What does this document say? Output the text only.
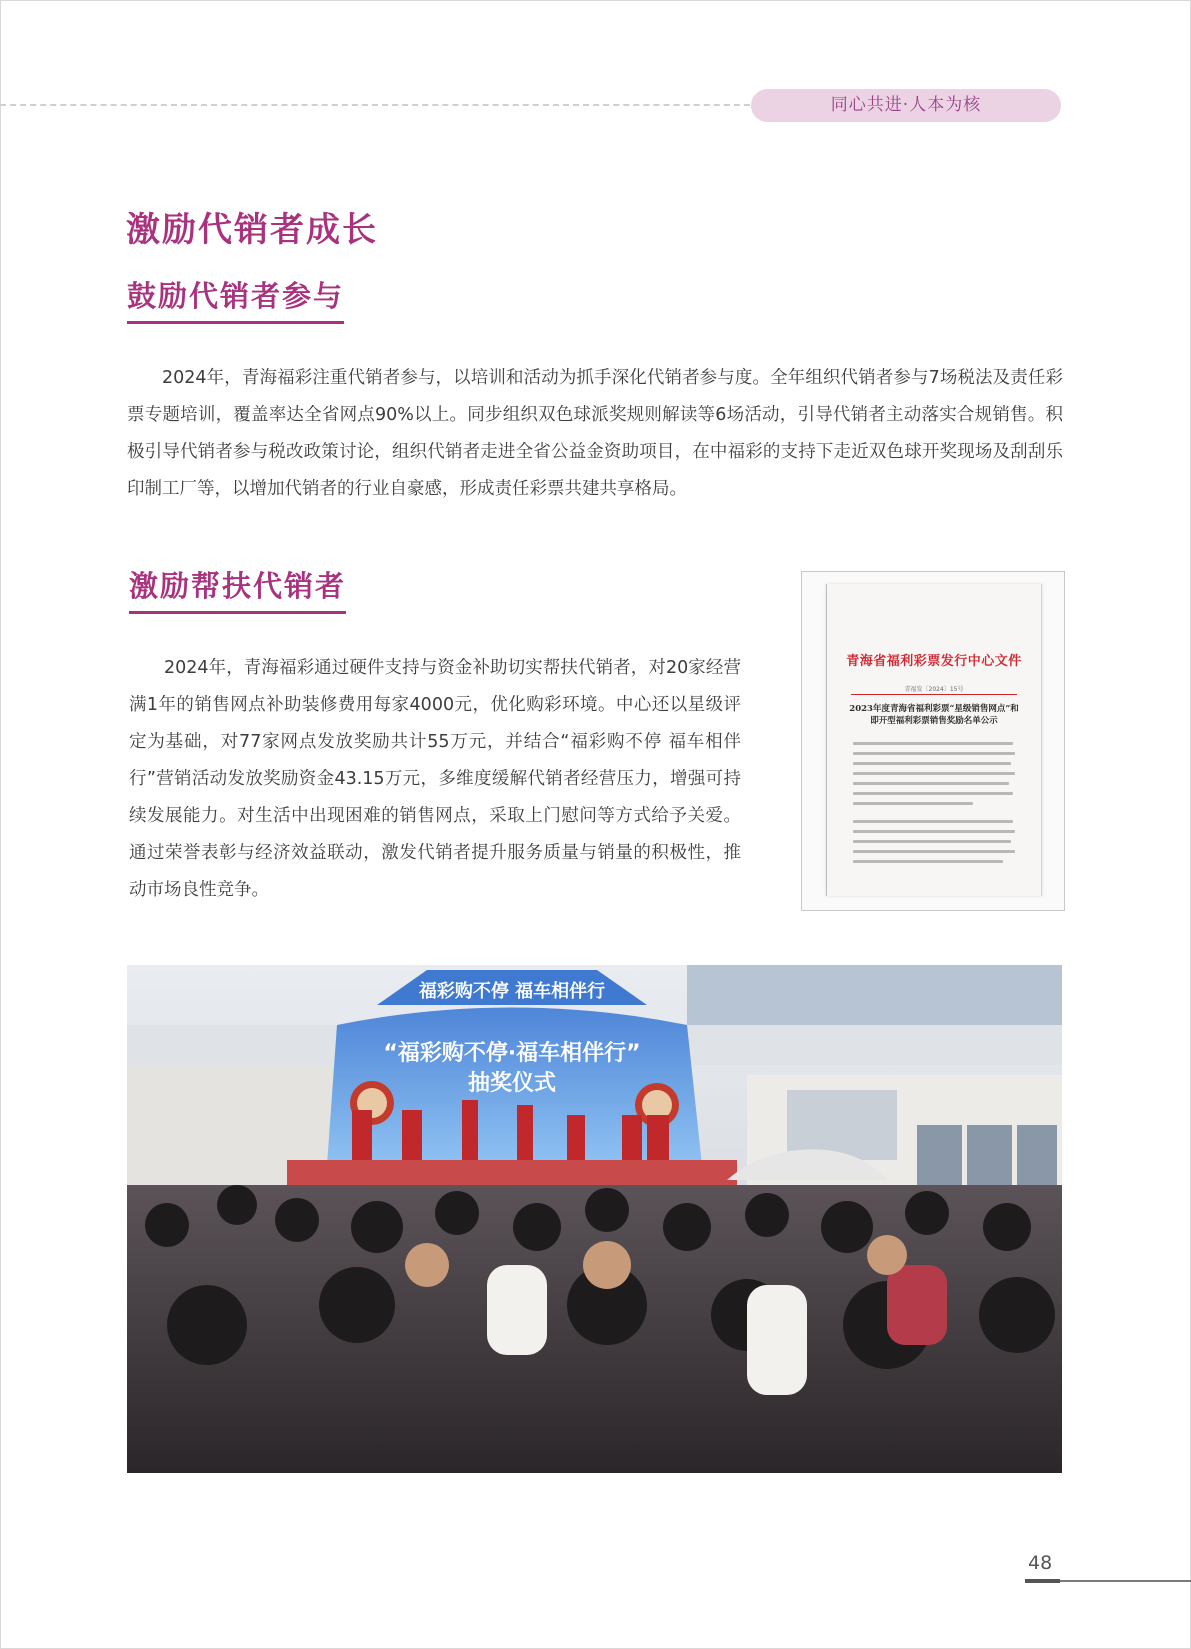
同心共进·人本为核
激励代销者成长
鼓励代销者参与

2024年，青海福彩注重代销者参与，以培训和活动为抓手深化代销者参与度。全年组织代销者参与7场税法及责任彩票专题培训，覆盖率达全省网点90%以上。同步组织双色球派奖规则解读等6场活动，引导代销者主动落实合规销售。积极引导代销者参与税改政策讨论，组织代销者走进全省公益金资助项目，在中福彩的支持下走近双色球开奖现场及刮刮乐印制工厂等，以增加代销者的行业自豪感，形成责任彩票共建共享格局。

激励帮扶代销者

2024年，青海福彩通过硬件支持与资金补助切实帮扶代销者，对20家经营满1年的销售网点补助装修费用每家4000元，优化购彩环境。中心还以星级评定为基础，对77家网点发放奖励共计55万元，并结合“福彩购不停 福车相伴行”营销活动发放奖励资金43.15万元，多维度缓解代销者经营压力，增强可持续发展能力。对生活中出现困难的销售网点，采取上门慰问等方式给予关爱。通过荣誉表彰与经济效益联动，激发代销者提升服务质量与销量的积极性，推动市场良性竞争。

青海省福利彩票发行中心文件
青福发〔2024〕15号
2023年度青海省福利彩票“星级销售网点”和即开型福利彩票销售奖励名单公示
福彩购不停 福车相伴行
“福彩购不停·福车相伴行”
抽奖仪式
48
